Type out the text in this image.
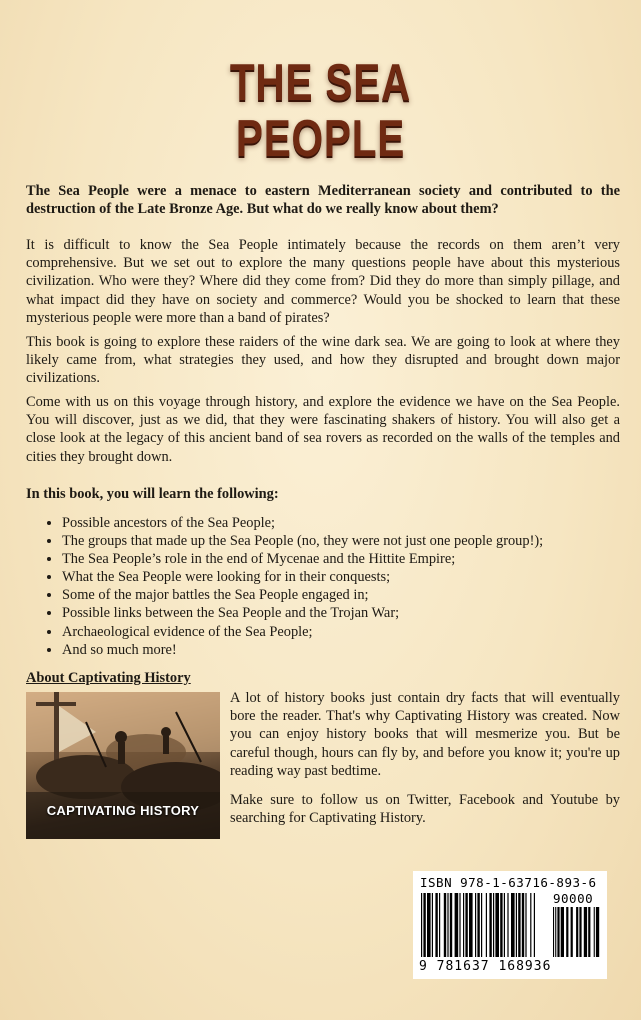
THE SEA
PEOPLE
The Sea People were a menace to eastern Mediterranean society and contributed to the destruction of the Late Bronze Age. But what do we really know about them?
It is difficult to know the Sea People intimately because the records on them aren’t very comprehensive. But we set out to explore the many questions people have about this mysterious civilization. Who were they? Where did they come from? Did they do more than simply pillage, and what impact did they have on society and commerce? Would you be shocked to learn that these mysterious people were more than a band of pirates?
This book is going to explore these raiders of the wine dark sea. We are going to look at where they likely came from, what strategies they used, and how they disrupted and brought down major civilizations.
Come with us on this voyage through history, and explore the evidence we have on the Sea People. You will discover, just as we did, that they were fascinating shakers of history. You will also get a close look at the legacy of this ancient band of sea rovers as recorded on the walls of the temples and cities they brought down.
In this book, you will learn the following:
• Possible ancestors of the Sea People;
• The groups that made up the Sea People (no, they were not just one people group!);
• The Sea People’s role in the end of Mycenae and the Hittite Empire;
• What the Sea People were looking for in their conquests;
• Some of the major battles the Sea People engaged in;
• Possible links between the Sea People and the Trojan War;
• Archaeological evidence of the Sea People;
• And so much more!
About Captivating History
CAPTIVATING HISTORY
A lot of history books just contain dry facts that will eventually bore the reader. That's why Captivating History was created. Now you can enjoy history books that will mesmerize you. But be careful though, hours can fly by, and before you know it; you're up reading way past bedtime.
Make sure to follow us on Twitter, Facebook and Youtube by searching for Captivating History.
ISBN 978-1-63716-893-6
90000
9 781637 168936
